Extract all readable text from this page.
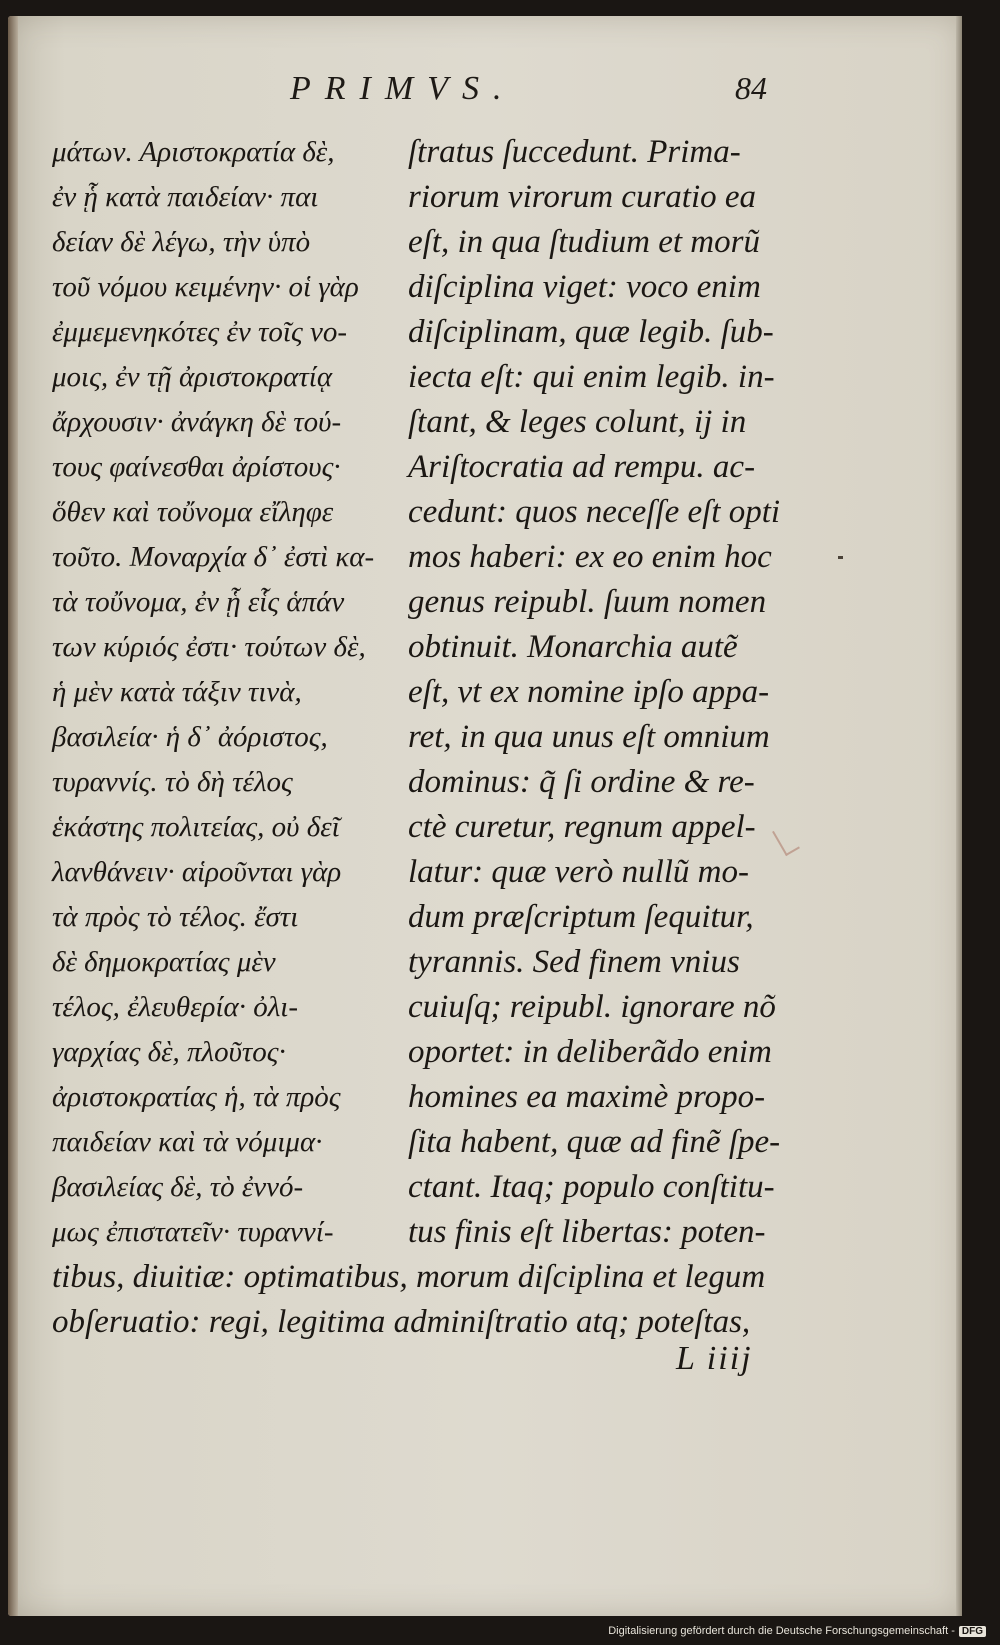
PRIMVS.	84
μάτων. Αριστοκρατία δὲ,
ἐν ᾗ κατὰ παιδείαν· παι
δείαν δὲ λέγω, τὴν ὑπὸ
τοῦ νόμου κειμένην· οἱ γὰρ
ἐμμεμενηκότες ἐν τοῖς νο-
μοις, ἐν τῇ ἀριστοκρατίᾳ
ἄρχουσιν· ἀνάγκη δὲ τού-
τους φαίνεσθαι ἀρίστους·
ὅθεν καὶ τοὔνομα εἴληφε
τοῦτο. Μοναρχία δ᾽ ἐστὶ κα-
τὰ τοὔνομα, ἐν ᾗ εἷς ἁπάν
των κύριός ἐστι· τούτων δὲ,
ἡ μὲν κατὰ τάξιν τινὰ,
βασιλεία· ἡ δ᾽ ἀόριστος,
τυραννίς. τὸ δὴ τέλος
ἑκάστης πολιτείας, οὐ δεῖ
λανθάνειν· αἱροῦνται γὰρ
τὰ πρὸς τὸ τέλος. ἔστι
δὲ δημοκρατίας μὲν
τέλος, ἐλευθερία· ὀλι-
γαρχίας δὲ, πλοῦτος·
ἀριστοκρατίας ἡ, τὰ πρὸς
παιδείαν καὶ τὰ νόμιμα·
βασιλείας δὲ, τὸ ἐννό-
μως ἐπιστατεῖν· τυραννί-
ſtratus ſuccedunt. Prima-
riorum virorum curatio ea
eſt, in qua ſtudium et morũ
diſciplina viget: voco enim
diſciplinam, quæ legib. ſub-
iecta eſt: qui enim legib. in-
ſtant, & leges colunt, ij in
Ariſtocratia ad rempu. ac-
cedunt: quos neceſſe eſt opti
mos haberi: ex eo enim hoc
genus reipubl. ſuum nomen
obtinuit. Monarchia autẽ
eſt, vt ex nomine ipſo appa-
ret, in qua unus eſt omnium
dominus: q̃ ſi ordine & re-
ctè curetur, regnum appel-
latur: quæ verò nullũ mo-
dum præſcriptum ſequitur,
tyrannis. Sed finem vnius
cuiuſq; reipubl. ignorare nõ
oportet: in deliberãdo enim
homines ea maximè propo-
ſita habent, quæ ad finẽ ſpe-
ctant. Itaq; populo conſtitu-
tus finis eſt libertas: poten-
tibus, diuitiæ: optimatibus, morum diſciplina et legum
obſeruatio: regi, legitima adminiſtratio atq; poteſtas,
L iiij
Digitalisierung gefördert durch die Deutsche Forschungsgemeinschaft - DFG
